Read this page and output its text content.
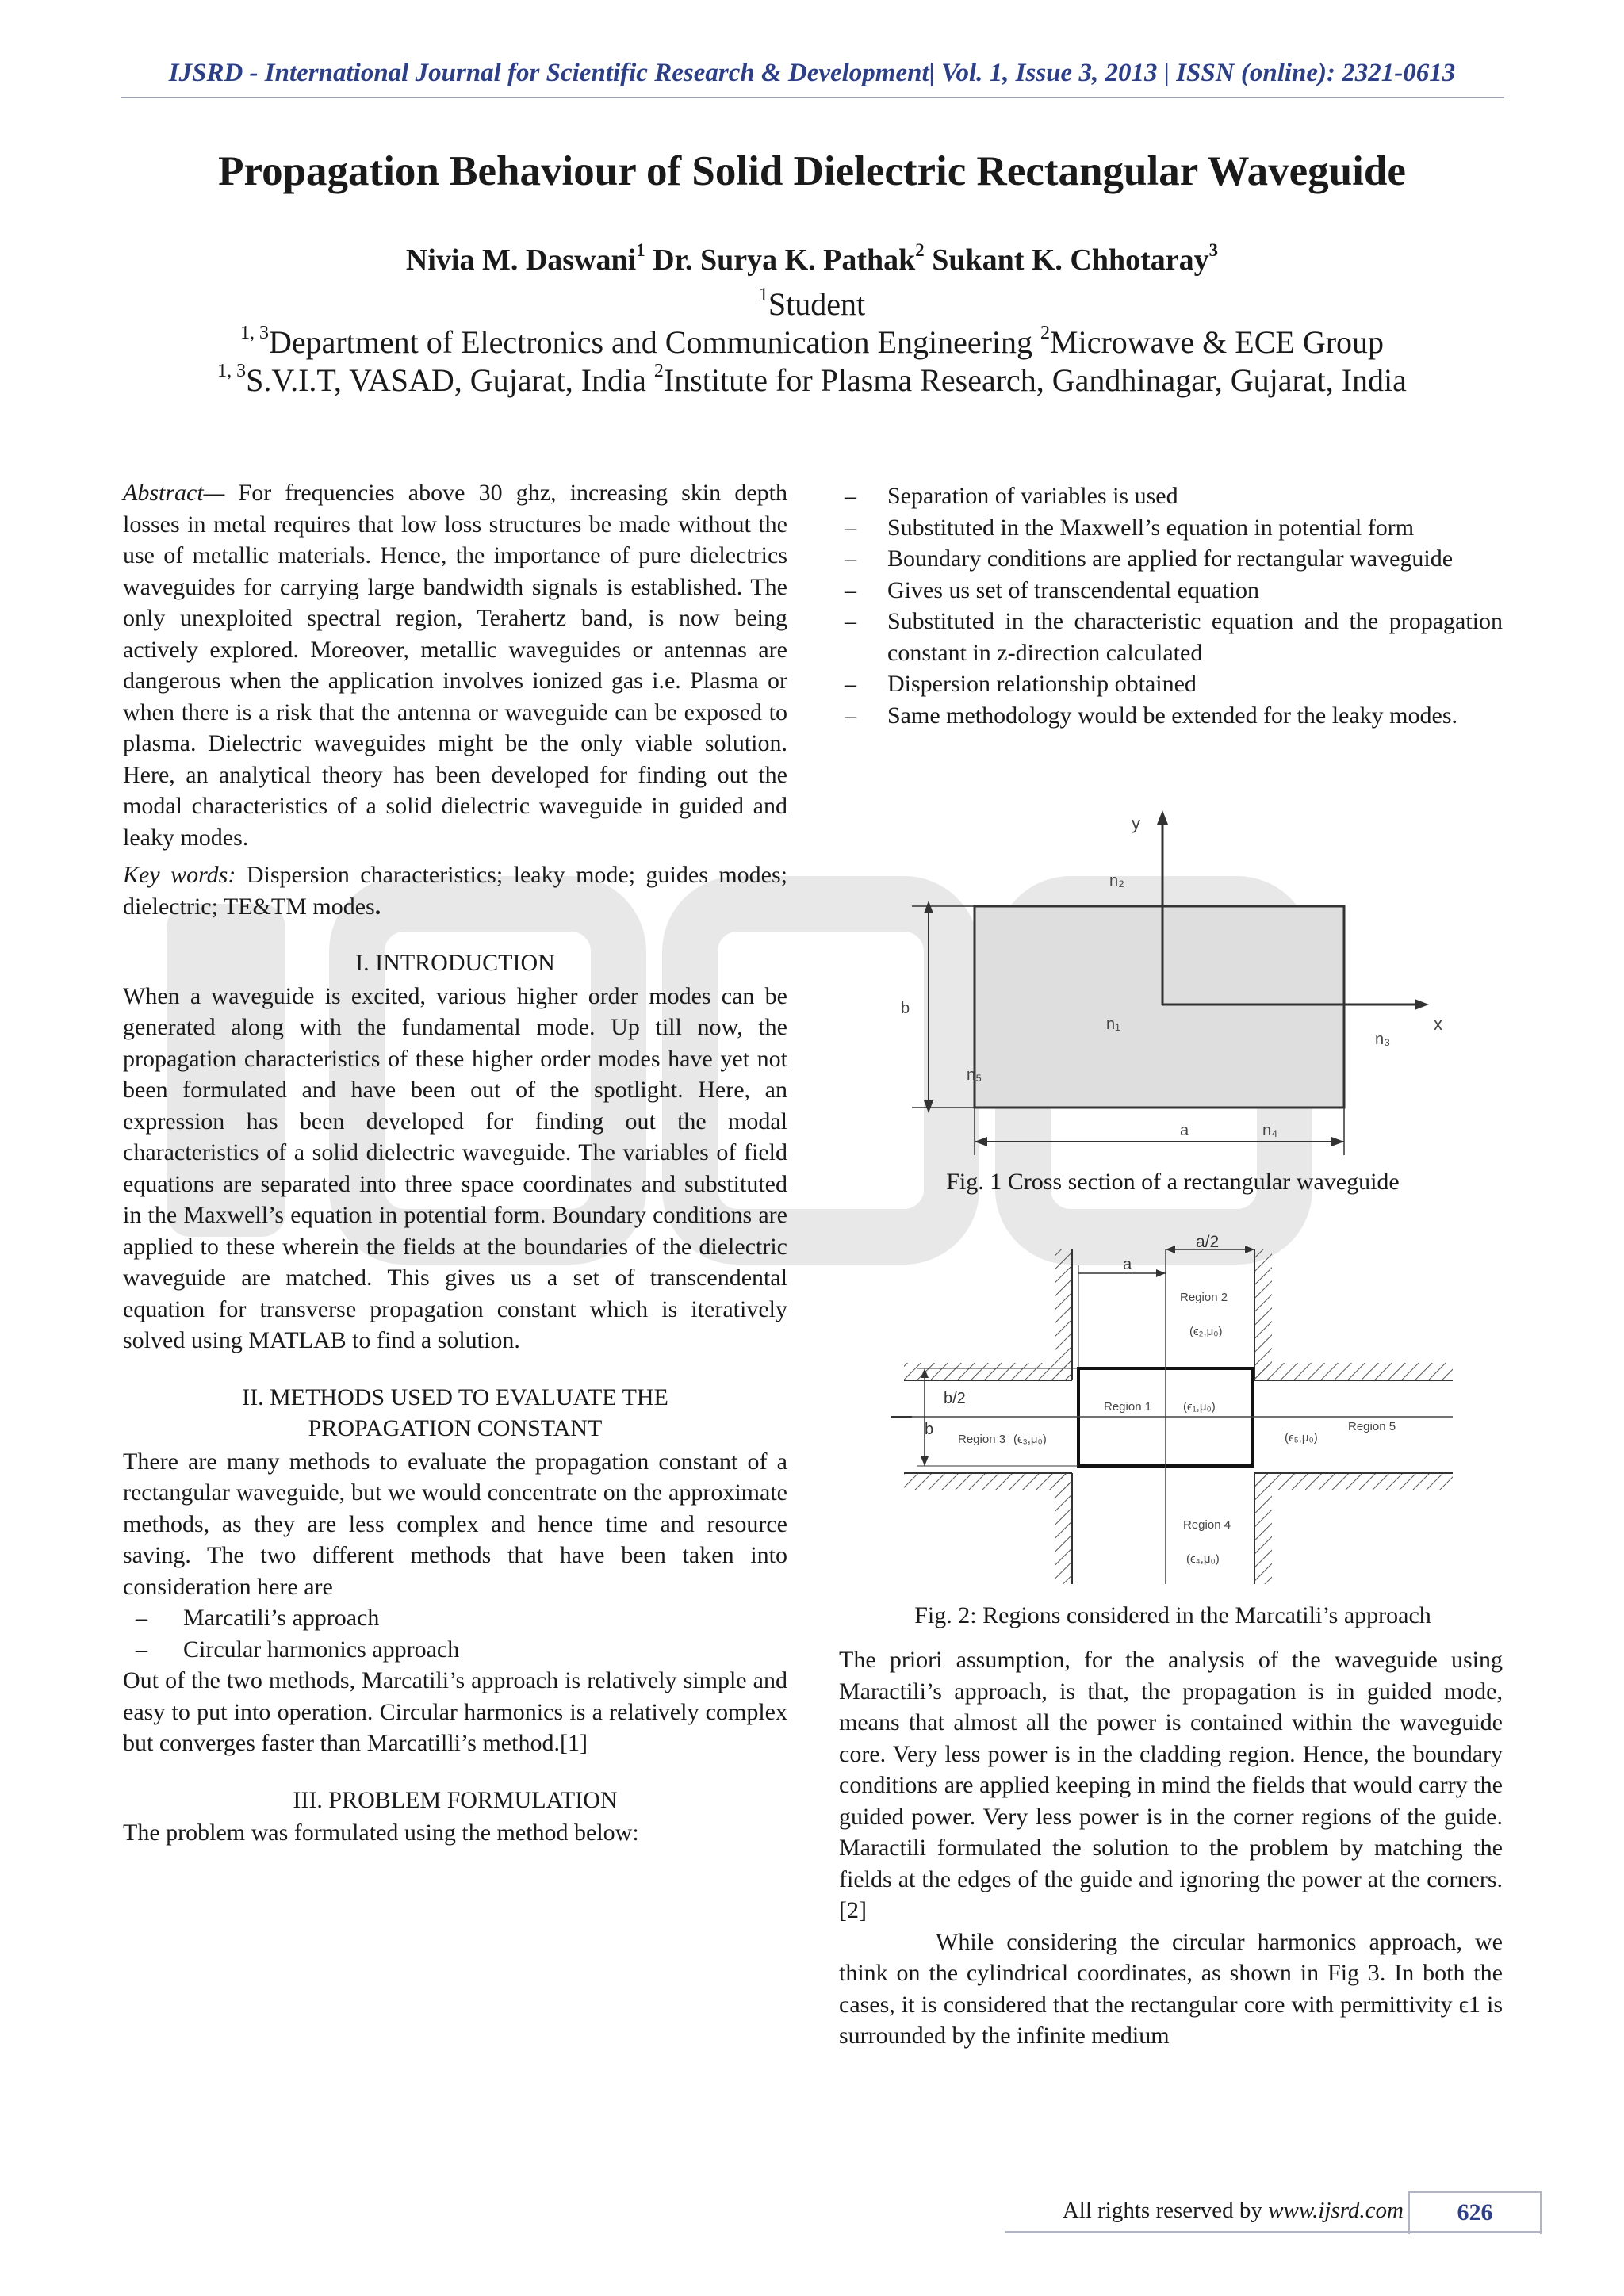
IJSRD - International Journal for Scientific Research & Development| Vol. 1, Issue 3, 2013 | ISSN (online): 2321-0613
Propagation Behaviour of Solid Dielectric Rectangular Waveguide
Nivia M. Daswani$^1$ Dr. Surya K. Pathak$^2$ Sukant K. Chhotaray$^3$
$^1$Student
$^{1, 3}$Department of Electronics and Communication Engineering $^2$Microwave & ECE Group
$^{1, 3}$S.V.I.T, VASAD, Gujarat, India $^2$Institute for Plasma Research, Gandhinagar, Gujarat, India

Abstract— For frequencies above 30 ghz, increasing skin depth losses in metal requires that low loss structures be made without the use of metallic materials. Hence, the importance of pure dielectrics waveguides for carrying large bandwidth signals is established. The only unexploited spectral region, Terahertz band, is now being actively explored. Moreover, metallic waveguides or antennas are dangerous when the application involves ionized gas i.e. Plasma or when there is a risk that the antenna or waveguide can be exposed to plasma. Dielectric waveguides might be the only viable solution. Here, an analytical theory has been developed for finding out the modal characteristics of a solid dielectric waveguide in guided and leaky modes.

Key words: Dispersion characteristics; leaky mode; guides modes; dielectric; TE&TM modes.

I. INTRODUCTION

When a waveguide is excited, various higher order modes can be generated along with the fundamental mode. Up till now, the propagation characteristics of these higher order modes have yet not been formulated and have been out of the spotlight. Here, an expression has been developed for finding out the modal characteristics of a solid dielectric waveguide. The variables of field equations are separated into three space coordinates and substituted in the Maxwell’s equation in potential form. Boundary conditions are applied to these wherein the fields at the boundaries of the dielectric waveguide are matched. This gives us a set of transcendental equation for transverse propagation constant which is iteratively solved using MATLAB to find a solution.

II. METHODS USED TO EVALUATE THE

PROPAGATION CONSTANT

There are many methods to evaluate the propagation constant of a rectangular waveguide, but we would concentrate on the approximate methods, as they are less complex and hence time and resource saving. The two different methods that have been taken into consideration here are

– Marcatili’s approach
– Circular harmonics approach

Out of the two methods, Marcatili’s approach is relatively simple and easy to put into operation. Circular harmonics is a relatively complex but converges faster than Marcatilli’s method.[1]

III. PROBLEM FORMULATION

The problem was formulated using the method below:

– Separation of variables is used
– Substituted in the Maxwell’s equation in potential form
– Boundary conditions are applied for rectangular waveguide
– Gives us set of transcendental equation
– Substituted in the characteristic equation and the propagation constant in z-direction calculated
– Dispersion relationship obtained
– Same methodology would be extended for the leaky modes.
y
x
n₂
n₁
n₃
n₄
n₅
b
a
Fig. 1 Cross section of a rectangular waveguide
a/2
a
b/2
b
Region 1	(ϵ₁,μ₀)
Region 2
(ϵ₂,μ₀)
Region 3 (ϵ₃,μ₀)
Region 4
(ϵ₄,μ₀)
Region 5
(ϵ₅,μ₀)
Fig. 2: Regions considered in the Marcatili’s approach

The priori assumption, for the analysis of the waveguide using Maractili’s approach, is that, the propagation is in guided mode, means that almost all the power is contained within the waveguide core. Very less power is in the cladding region. Hence, the boundary conditions are applied keeping in mind the fields that would carry the guided power. Very less power is in the corner regions of the guide. Maractili formulated the solution to the problem by matching the fields at the edges of the guide and ignoring the power at the corners.[2]

While considering the circular harmonics approach, we think on the cylindrical coordinates, as shown in Fig 3. In both the cases, it is considered that the rectangular core with permittivity ϵ1 is surrounded by the infinite medium

All rights reserved by www.ijsrd.com	626
